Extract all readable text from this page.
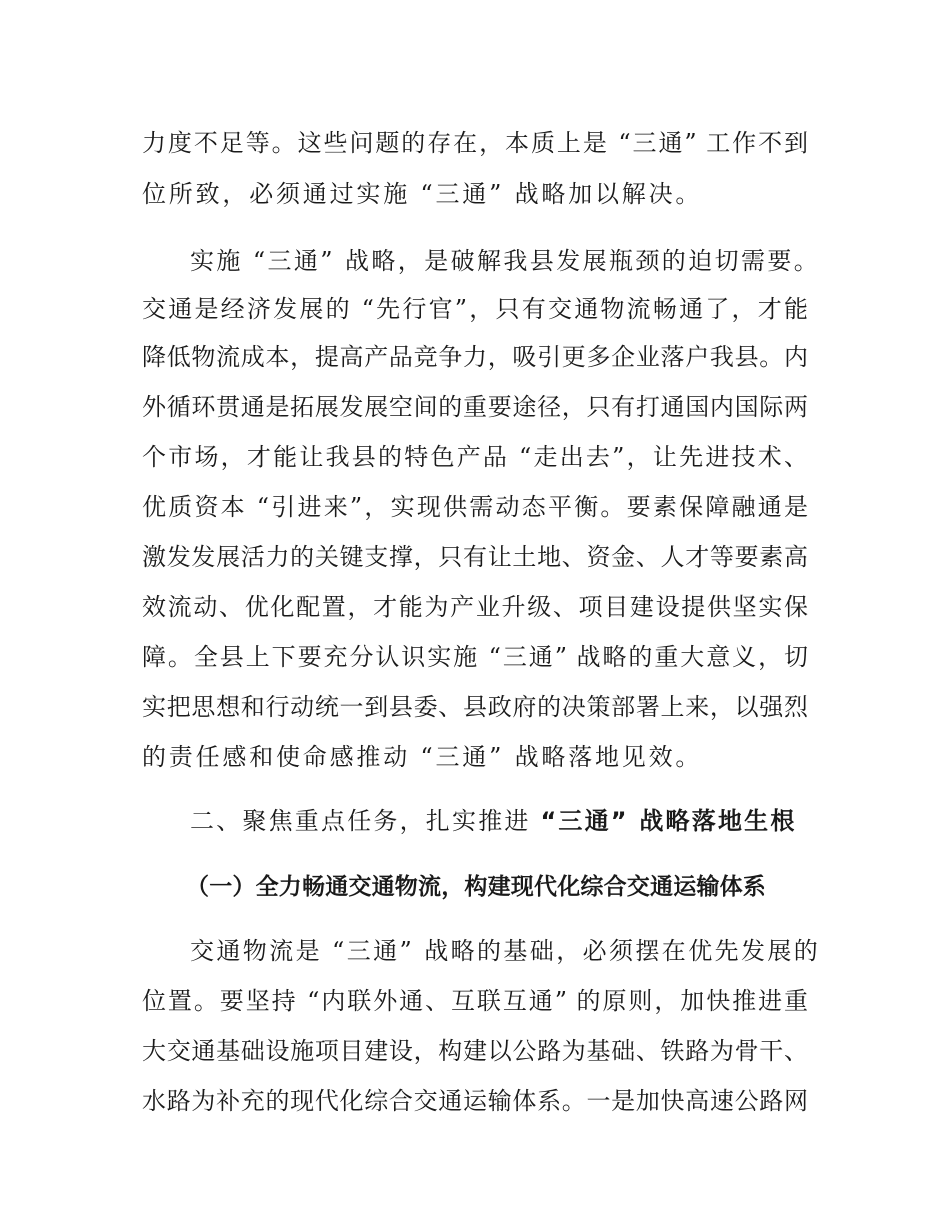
力度不足等。这些问题的存在，本质上是 “三通” 工作不到
位所致，必须通过实施 “三通” 战略加以解决。
实施 “三通” 战略，是破解我县发展瓶颈的迫切需要。
交通是经济发展的 “先行官”，只有交通物流畅通了，才能
降低物流成本，提高产品竞争力，吸引更多企业落户我县。内
外循环贯通是拓展发展空间的重要途径，只有打通国内国际两
个市场，才能让我县的特色产品 “走出去”，让先进技术、
优质资本 “引进来”，实现供需动态平衡。要素保障融通是
激发发展活力的关键支撑，只有让土地、资金、人才等要素高
效流动、优化配置，才能为产业升级、项目建设提供坚实保
障。全县上下要充分认识实施 “三通” 战略的重大意义，切
实把思想和行动统一到县委、县政府的决策部署上来，以强烈
的责任感和使命感推动 “三通” 战略落地见效。
二、聚焦重点任务，扎实推进 “三通” 战略落地生根
（一）全力畅通交通物流，构建现代化综合交通运输体系
交通物流是 “三通” 战略的基础，必须摆在优先发展的
位置。要坚持 “内联外通、互联互通” 的原则，加快推进重
大交通基础设施项目建设，构建以公路为基础、铁路为骨干、
水路为补充的现代化综合交通运输体系。一是加快高速公路网
